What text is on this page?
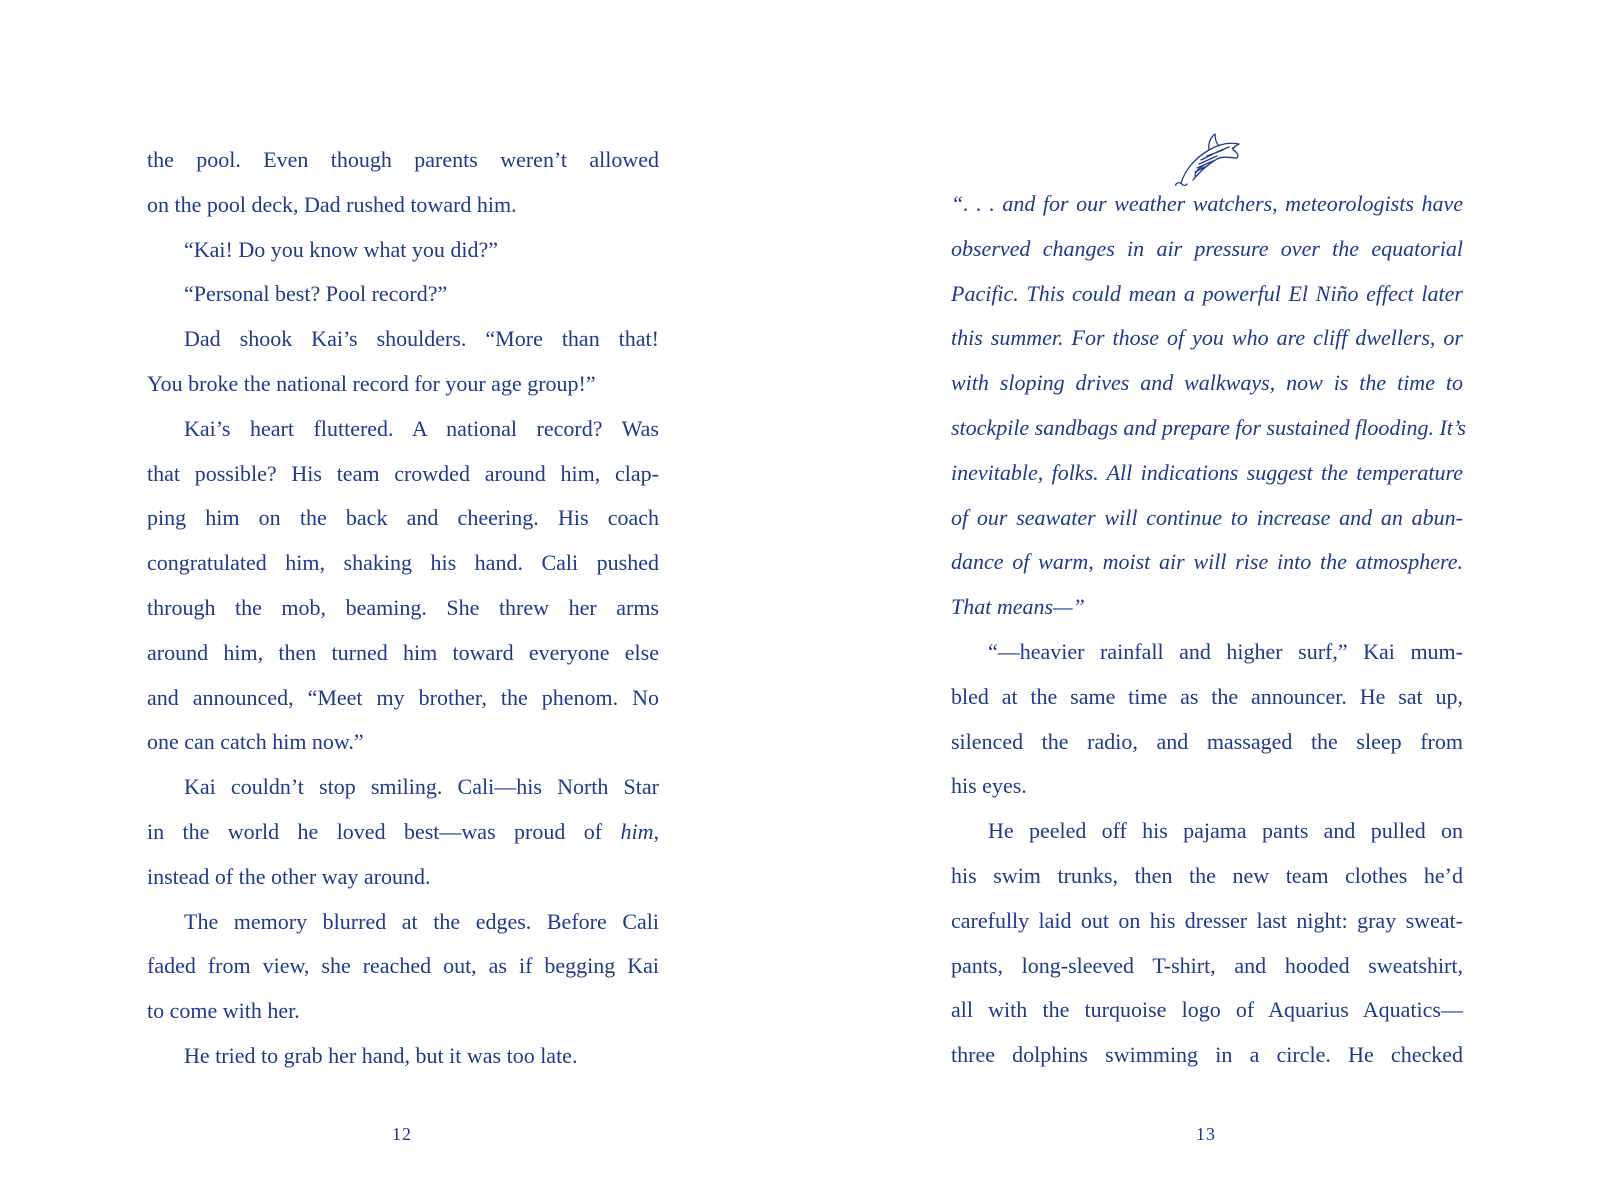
the pool. Even though parents weren’t allowed
on the pool deck, Dad rushed toward him.
“Kai! Do you know what you did?”
“Personal best? Pool record?”
Dad shook Kai’s shoulders. “More than that!
You broke the national record for your age group!”
Kai’s heart fluttered. A national record? Was
that possible? His team crowded around him, clap-
ping him on the back and cheering. His coach
congratulated him, shaking his hand. Cali pushed
through the mob, beaming. She threw her arms
around him, then turned him toward everyone else
and announced, “Meet my brother, the phenom. No
one can catch him now.”
Kai couldn’t stop smiling. Cali—his North Star
in the world he loved best—was proud of him,
instead of the other way around.
The memory blurred at the edges. Before Cali
faded from view, she reached out, as if begging Kai
to come with her.
He tried to grab her hand, but it was too late.
12
“. . . and for our weather watchers, meteorologists have
observed changes in air pressure over the equatorial
Pacific. This could mean a powerful El Niño effect later
this summer. For those of you who are cliff dwellers, or
with sloping drives and walkways, now is the time to
stockpile sandbags and prepare for sustained flooding. It’s
inevitable, folks. All indications suggest the temperature
of our seawater will continue to increase and an abun-
dance of warm, moist air will rise into the atmosphere.
That means—”
“—heavier rainfall and higher surf,” Kai mum-
bled at the same time as the announcer. He sat up,
silenced the radio, and massaged the sleep from
his eyes.
He peeled off his pajama pants and pulled on
his swim trunks, then the new team clothes he’d
carefully laid out on his dresser last night: gray sweat-
pants, long-sleeved T-shirt, and hooded sweatshirt,
all with the turquoise logo of Aquarius Aquatics—
three dolphins swimming in a circle. He checked
13
